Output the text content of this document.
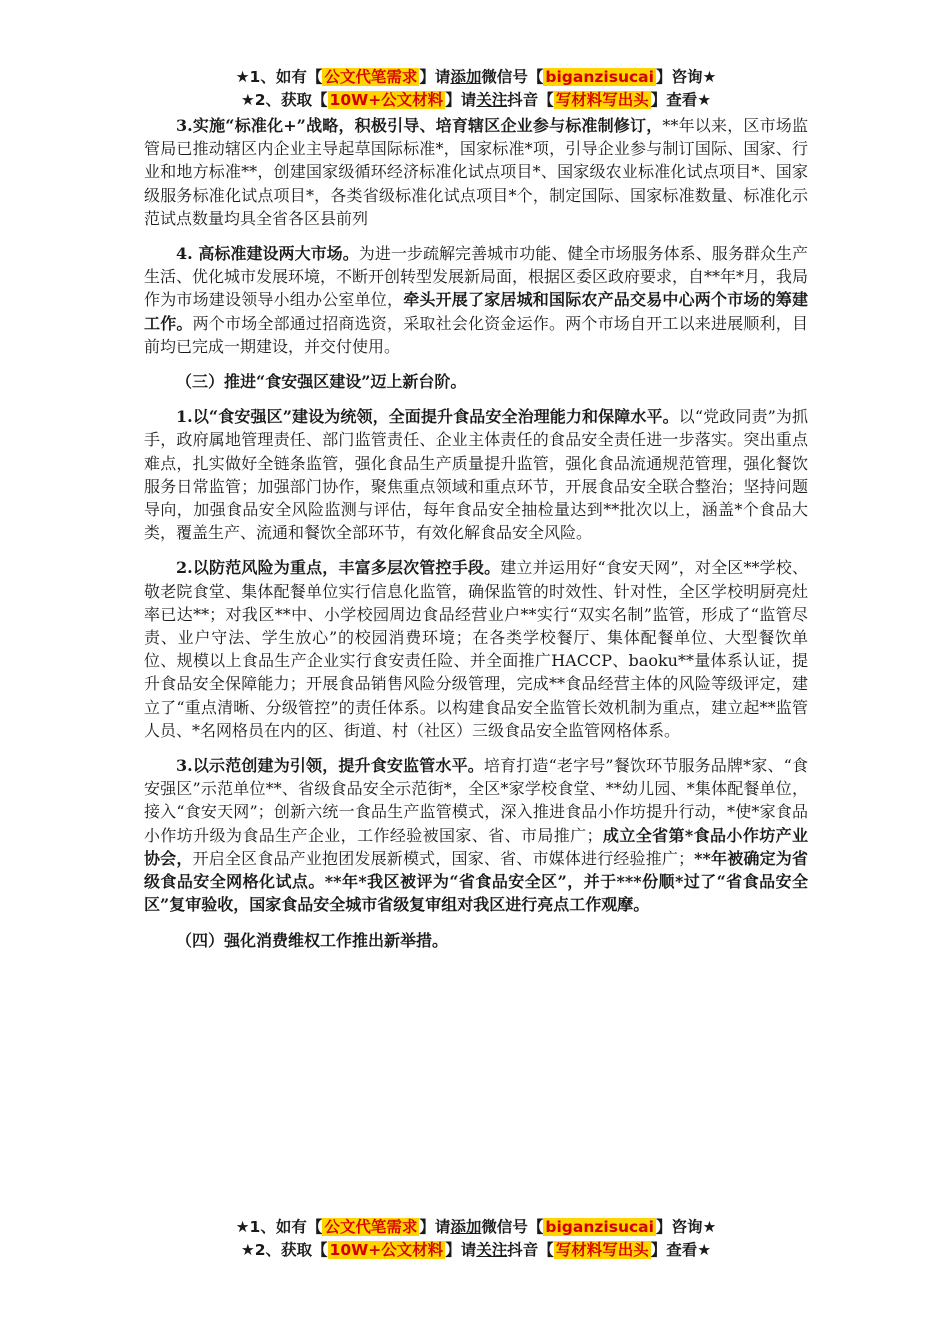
★1、如有【 公文代笔需求 】请添加微信号【 biganzisucai 】咨询★
★2、获取【 10W+公文材料 】请关注抖音【 写材料写出头 】查看★

3.实施“标准化+”战略，积极引导、培育辖区企业参与标准制修订，**年以来，区市场监管局已推动辖区内企业主导起草国际标准*，国家标准*项，引导企业参与制订国际、国家、行业和地方标准**，创建国家级循环经济标准化试点项目*、国家级农业标准化试点项目*、国家级服务标准化试点项目*，各类省级标准化试点项目*个，制定国际、国家标准数量、标准化示范试点数量均具全省各区县前列

4. 高标准建设两大市场。为进一步疏解完善城市功能、健全市场服务体系、服务群众生产生活、优化城市发展环境，不断开创转型发展新局面，根据区委区政府要求，自**年*月，我局作为市场建设领导小组办公室单位，牵头开展了家居城和国际农产品交易中心两个市场的筹建工作。两个市场全部通过招商选资，采取社会化资金运作。两个市场自开工以来进展顺利，目前均已完成一期建设，并交付使用。

（三）推进“食安强区建设”迈上新台阶。

1.以“食安强区”建设为统领，全面提升食品安全治理能力和保障水平。以“党政同责”为抓手，政府属地管理责任、部门监管责任、企业主体责任的食品安全责任进一步落实。突出重点难点，扎实做好全链条监管，强化食品生产质量提升监管，强化食品流通规范管理，强化餐饮服务日常监管；加强部门协作，聚焦重点领域和重点环节，开展食品安全联合整治；坚持问题导向，加强食品安全风险监测与评估，每年食品安全抽检量达到**批次以上，涵盖*个食品大类，覆盖生产、流通和餐饮全部环节，有效化解食品安全风险。

2.以防范风险为重点，丰富多层次管控手段。建立并运用好“食安天网”，对全区**学校、敬老院食堂、集体配餐单位实行信息化监管，确保监管的时效性、针对性，全区学校明厨亮灶率已达**；对我区**中、小学校园周边食品经营业户**实行“双实名制”监管，形成了“监管尽责、业户守法、学生放心”的校园消费环境；在各类学校餐厅、集体配餐单位、大型餐饮单位、规模以上食品生产企业实行食安责任险、并全面推广HACCP、baoku**量体系认证，提升食品安全保障能力；开展食品销售风险分级管理，完成**食品经营主体的风险等级评定，建立了“重点清晰、分级管控”的责任体系。以构建食品安全监管长效机制为重点，建立起**监管人员、*名网格员在内的区、街道、村（社区）三级食品安全监管网格体系。

3.以示范创建为引领，提升食安监管水平。培育打造“老字号”餐饮环节服务品牌*家、“食安强区”示范单位**、省级食品安全示范街*，全区*家学校食堂、**幼儿园、*集体配餐单位，接入“食安天网”；创新六统一食品生产监管模式，深入推进食品小作坊提升行动，*使*家食品小作坊升级为食品生产企业，工作经验被国家、省、市局推广；成立全省第*食品小作坊产业协会，开启全区食品产业抱团发展新模式，国家、省、市媒体进行经验推广；**年被确定为省级食品安全网格化试点。**年*我区被评为“省食品安全区”，并于***份顺*过了“省食品安全区”复审验收，国家食品安全城市省级复审组对我区进行亮点工作观摩。

（四）强化消费维权工作推出新举措。

★1、如有【 公文代笔需求 】请添加微信号【 biganzisucai 】咨询★
★2、获取【 10W+公文材料 】请关注抖音【 写材料写出头 】查看★
